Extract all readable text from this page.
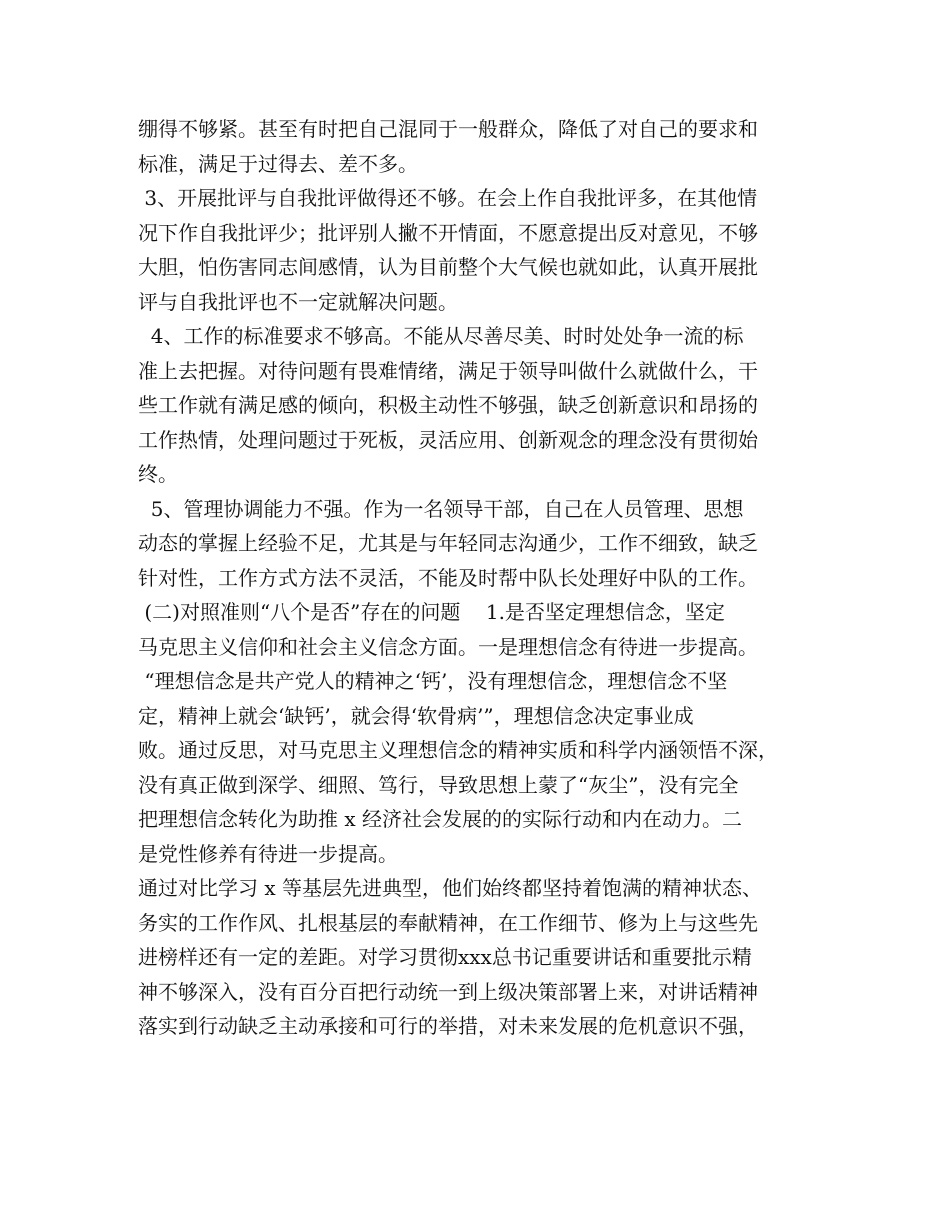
绷得不够紧。甚至有时把自己混同于一般群众，降低了对自己的要求和
标准，满足于过得去、差不多。
3、开展批评与自我批评做得还不够。在会上作自我批评多，在其他情
况下作自我批评少；批评别人撇不开情面，不愿意提出反对意见，不够
大胆，怕伤害同志间感情，认为目前整个大气候也就如此，认真开展批
评与自我批评也不一定就解决问题。
4、工作的标准要求不够高。不能从尽善尽美、时时处处争一流的标
准上去把握。对待问题有畏难情绪，满足于领导叫做什么就做什么，干
些工作就有满足感的倾向，积极主动性不够强，缺乏创新意识和昂扬的
工作热情，处理问题过于死板，灵活应用、创新观念的理念没有贯彻始
终。
5、管理协调能力不强。作为一名领导干部，自己在人员管理、思想
动态的掌握上经验不足，尤其是与年轻同志沟通少，工作不细致，缺乏
针对性，工作方式方法不灵活，不能及时帮中队长处理好中队的工作。
(二)对照准则“八个是否”存在的问题    1.是否坚定理想信念，坚定
马克思主义信仰和社会主义信念方面。一是理想信念有待进一步提高。
“理想信念是共产党人的精神之‘钙’，没有理想信念，理想信念不坚
定，精神上就会‘缺钙’，就会得‘软骨病’”，理想信念决定事业成
败。通过反思，对马克思主义理想信念的精神实质和科学内涵领悟不深，
没有真正做到深学、细照、笃行，导致思想上蒙了“灰尘”，没有完全
把理想信念转化为助推 x 经济社会发展的的实际行动和内在动力。二
是党性修养有待进一步提高。
通过对比学习 x 等基层先进典型，他们始终都坚持着饱满的精神状态、
务实的工作作风、扎根基层的奉献精神，在工作细节、修为上与这些先
进榜样还有一定的差距。对学习贯彻xxx总书记重要讲话和重要批示精
神不够深入，没有百分百把行动统一到上级决策部署上来，对讲话精神
落实到行动缺乏主动承接和可行的举措，对未来发展的危机意识不强，
